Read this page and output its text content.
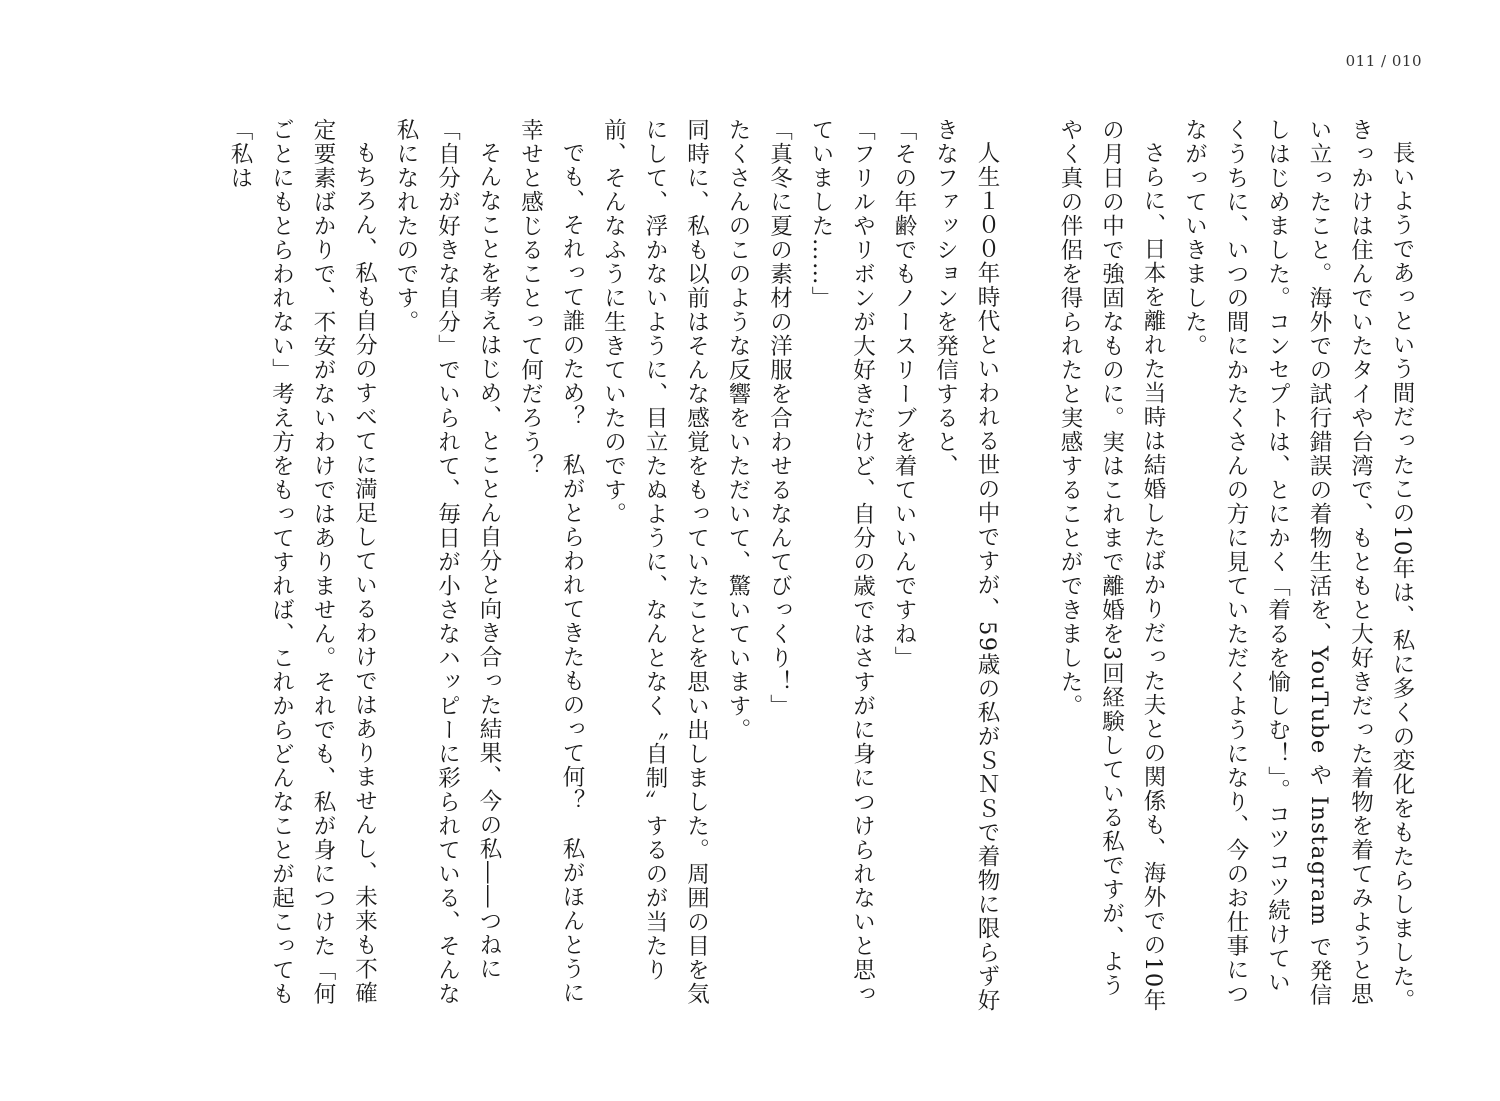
011 / 010

長いようであっという間だったこの10年は、私に多くの変化をもたらしました。きっかけは住んでいたタイや台湾で、もともと大好きだった着物を着てみようと思い立ったこと。海外での試行錯誤の着物生活を、YouTube や Instagram で発信しはじめました。コンセプトは、とにかく「着るを愉しむ！」。コツコツ続けていくうちに、いつの間にかたくさんの方に見ていただくようになり、今のお仕事につながっていきました。

さらに、日本を離れた当時は結婚したばかりだった夫との関係も、海外での10年の月日の中で強固なものに。実はこれまで離婚を3回経験している私ですが、ようやく真の伴侶を得られたと実感することができました。

人生１００年時代といわれる世の中ですが、59歳の私がＳＮＳで着物に限らず好きなファッションを発信すると、

「その年齢でもノースリーブを着ていいんですね」

「フリルやリボンが大好きだけど、自分の歳ではさすがに身につけられないと思っていました……」

「真冬に夏の素材の洋服を合わせるなんてびっくり！」

たくさんのこのような反響をいただいて、驚いています。

同時に、私も以前はそんな感覚をもっていたことを思い出しました。周囲の目を気にして、浮かないように、目立たぬように、なんとなく〝自制〟するのが当たり前、そんなふうに生きていたのです。

でも、それって誰のため？　私がとらわれてきたものって何？　私がほんとうに幸せと感じることって何だろう？

そんなことを考えはじめ、とことん自分と向き合った結果、今の私――つねに「自分が好きな自分」でいられて、毎日が小さなハッピーに彩られている、そんな私になれたのです。

もちろん、私も自分のすべてに満足しているわけではありませんし、未来も不確定要素ばかりで、不安がないわけではありません。それでも、私が身につけた「何ごとにもとらわれない」考え方をもってすれば、これからどんなことが起こっても「私は
